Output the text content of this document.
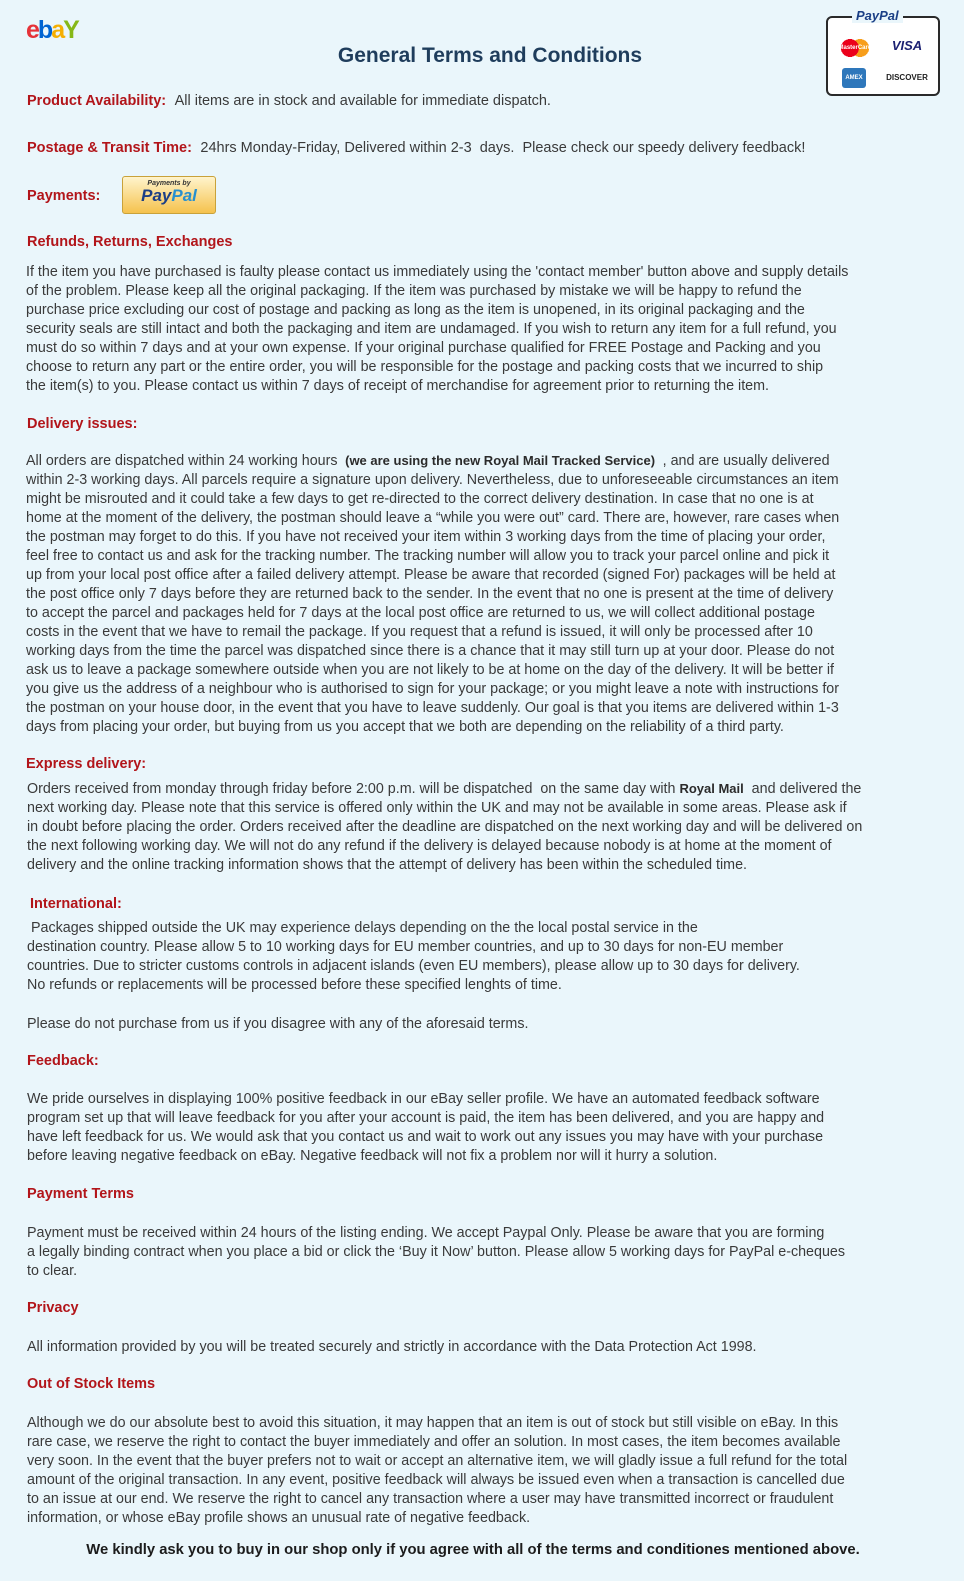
ebaY
General Terms and Conditions
PayPal
MasterCard VISA
AMEX	DISCOVER
Product Availability: All items are in stock and available for immediate dispatch.
Postage & Transit Time: 24hrs Monday-Friday, Delivered within 2-3  days.  Please check our speedy delivery feedback!
Payments:
Payments by
PayPal
Refunds, Returns, Exchanges
If the item you have purchased is faulty please contact us immediately using the 'contact member' button above and supply details
of the problem. Please keep all the original packaging. If the item was purchased by mistake we will be happy to refund the
purchase price excluding our cost of postage and packing as long as the item is unopened, in its original packaging and the
security seals are still intact and both the packaging and item are undamaged. If you wish to return any item for a full refund, you
must do so within 7 days and at your own expense. If your original purchase qualified for FREE Postage and Packing and you
choose to return any part or the entire order, you will be responsible for the postage and packing costs that we incurred to ship
the item(s) to you. Please contact us within 7 days of receipt of merchandise for agreement prior to returning the item.
Delivery issues:
All orders are dispatched within 24 working hours  (we are using the new Royal Mail Tracked Service)  , and are usually delivered
within 2-3 working days. All parcels require a signature upon delivery. Nevertheless, due to unforeseeable circumstances an item
might be misrouted and it could take a few days to get re-directed to the correct delivery destination. In case that no one is at
home at the moment of the delivery, the postman should leave a “while you were out” card. There are, however, rare cases when
the postman may forget to do this. If you have not received your item within 3 working days from the time of placing your order,
feel free to contact us and ask for the tracking number. The tracking number will allow you to track your parcel online and pick it
up from your local post office after a failed delivery attempt. Please be aware that recorded (signed For) packages will be held at
the post office only 7 days before they are returned back to the sender. In the event that no one is present at the time of delivery
to accept the parcel and packages held for 7 days at the local post office are returned to us, we will collect additional postage
costs in the event that we have to remail the package. If you request that a refund is issued, it will only be processed after 10
working days from the time the parcel was dispatched since there is a chance that it may still turn up at your door. Please do not
ask us to leave a package somewhere outside when you are not likely to be at home on the day of the delivery. It will be better if
you give us the address of a neighbour who is authorised to sign for your package; or you might leave a note with instructions for
the postman on your house door, in the event that you have to leave suddenly. Our goal is that you items are delivered within 1-3
days from placing your order, but buying from us you accept that we both are depending on the reliability of a third party.
Express delivery:
Orders received from monday through friday before 2:00 p.m. will be dispatched  on the same day with Royal Mail  and delivered the
next working day. Please note that this service is offered only within the UK and may not be available in some areas. Please ask if
in doubt before placing the order. Orders received after the deadline are dispatched on the next working day and will be delivered on
the next following working day. We will not do any refund if the delivery is delayed because nobody is at home at the moment of
delivery and the online tracking information shows that the attempt of delivery has been within the scheduled time.
International:
Packages shipped outside the UK may experience delays depending on the the local postal service in the
destination country. Please allow 5 to 10 working days for EU member countries, and up to 30 days for non-EU member
countries. Due to stricter customs controls in adjacent islands (even EU members), please allow up to 30 days for delivery.
No refunds or replacements will be processed before these specified lenghts of time.
Please do not purchase from us if you disagree with any of the aforesaid terms.
Feedback:
We pride ourselves in displaying 100% positive feedback in our eBay seller profile. We have an automated feedback software
program set up that will leave feedback for you after your account is paid, the item has been delivered, and you are happy and
have left feedback for us. We would ask that you contact us and wait to work out any issues you may have with your purchase
before leaving negative feedback on eBay. Negative feedback will not fix a problem nor will it hurry a solution.
Payment Terms
Payment must be received within 24 hours of the listing ending. We accept Paypal Only. Please be aware that you are forming
a legally binding contract when you place a bid or click the ‘Buy it Now’ button. Please allow 5 working days for PayPal e-cheques
to clear.
Privacy
All information provided by you will be treated securely and strictly in accordance with the Data Protection Act 1998.
Out of Stock Items
Although we do our absolute best to avoid this situation, it may happen that an item is out of stock but still visible on eBay. In this
rare case, we reserve the right to contact the buyer immediately and offer an solution. In most cases, the item becomes available
very soon. In the event that the buyer prefers not to wait or accept an alternative item, we will gladly issue a full refund for the total
amount of the original transaction. In any event, positive feedback will always be issued even when a transaction is cancelled due
to an issue at our end. We reserve the right to cancel any transaction where a user may have transmitted incorrect or fraudulent
information, or whose eBay profile shows an unusual rate of negative feedback.
We kindly ask you to buy in our shop only if you agree with all of the terms and conditiones mentioned above.
